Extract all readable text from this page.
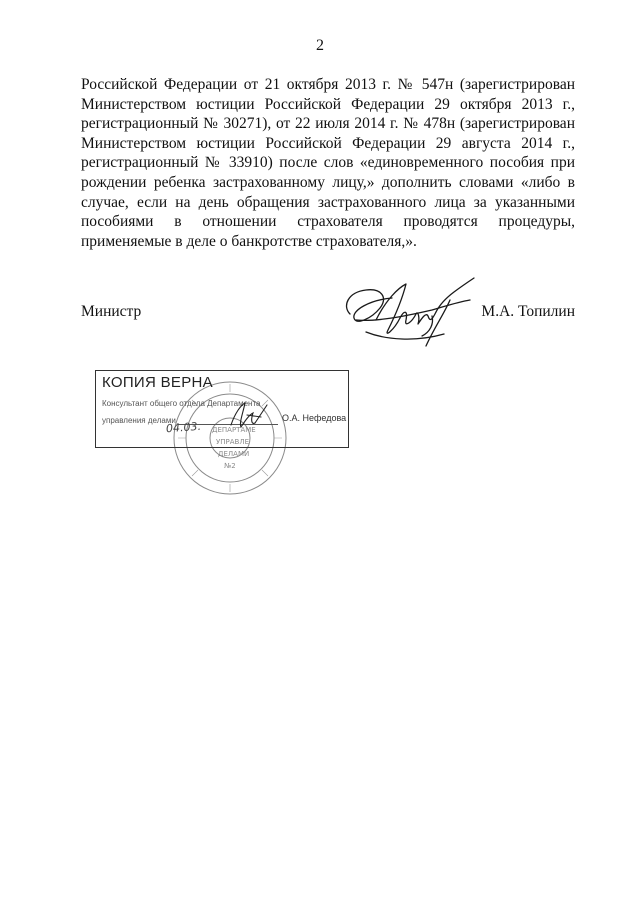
2
Российской Федерации от 21 октября 2013 г. № 547н (зарегистрирован
Министерством юстиции Российской Федерации 29 октября 2013 г.,
регистрационный № 30271), от 22 июля 2014 г. № 478н (зарегистрирован
Министерством юстиции Российской Федерации 29 августа 2014 г.,
регистрационный № 33910) после слов «единовременного пособия при
рождении ребенка застрахованному лицу,» дополнить словами «либо в
случае, если на день обращения застрахованного лица за указанными
пособиями в отношении страхователя проводятся процедуры,
применяемые в деле о банкротстве страхователя,».
Министр	М.А. Топилин
ДЕПАРТАМЕ
УПРАВЛЕ
ДЕЛАМИ
№2
КОПИЯ ВЕРНА
Консультант общего отдела Департамента
управления делами	О.А. Нефедова
04.03.
